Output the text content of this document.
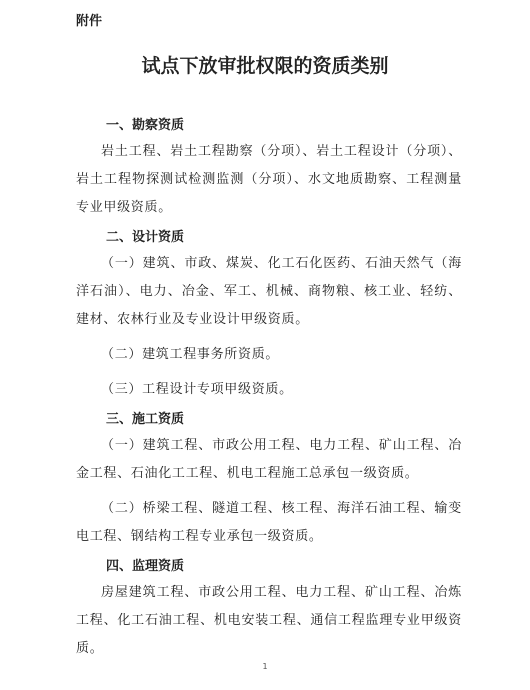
附件
试点下放审批权限的资质类别
一、勘察资质

岩土工程、岩土工程勘察（分项）、岩土工程设计（分项）、岩土工程物探测试检测监测（分项）、水文地质勘察、工程测量专业甲级资质。

二、设计资质

（一）建筑、市政、煤炭、化工石化医药、石油天然气（海洋石油）、电力、冶金、军工、机械、商物粮、核工业、轻纺、建材、农林行业及专业设计甲级资质。

（二）建筑工程事务所资质。

（三）工程设计专项甲级资质。

三、施工资质

（一）建筑工程、市政公用工程、电力工程、矿山工程、冶金工程、石油化工工程、机电工程施工总承包一级资质。

（二）桥梁工程、隧道工程、核工程、海洋石油工程、输变电工程、钢结构工程专业承包一级资质。

四、监理资质

房屋建筑工程、市政公用工程、电力工程、矿山工程、冶炼工程、化工石油工程、机电安装工程、通信工程监理专业甲级资质。

1
